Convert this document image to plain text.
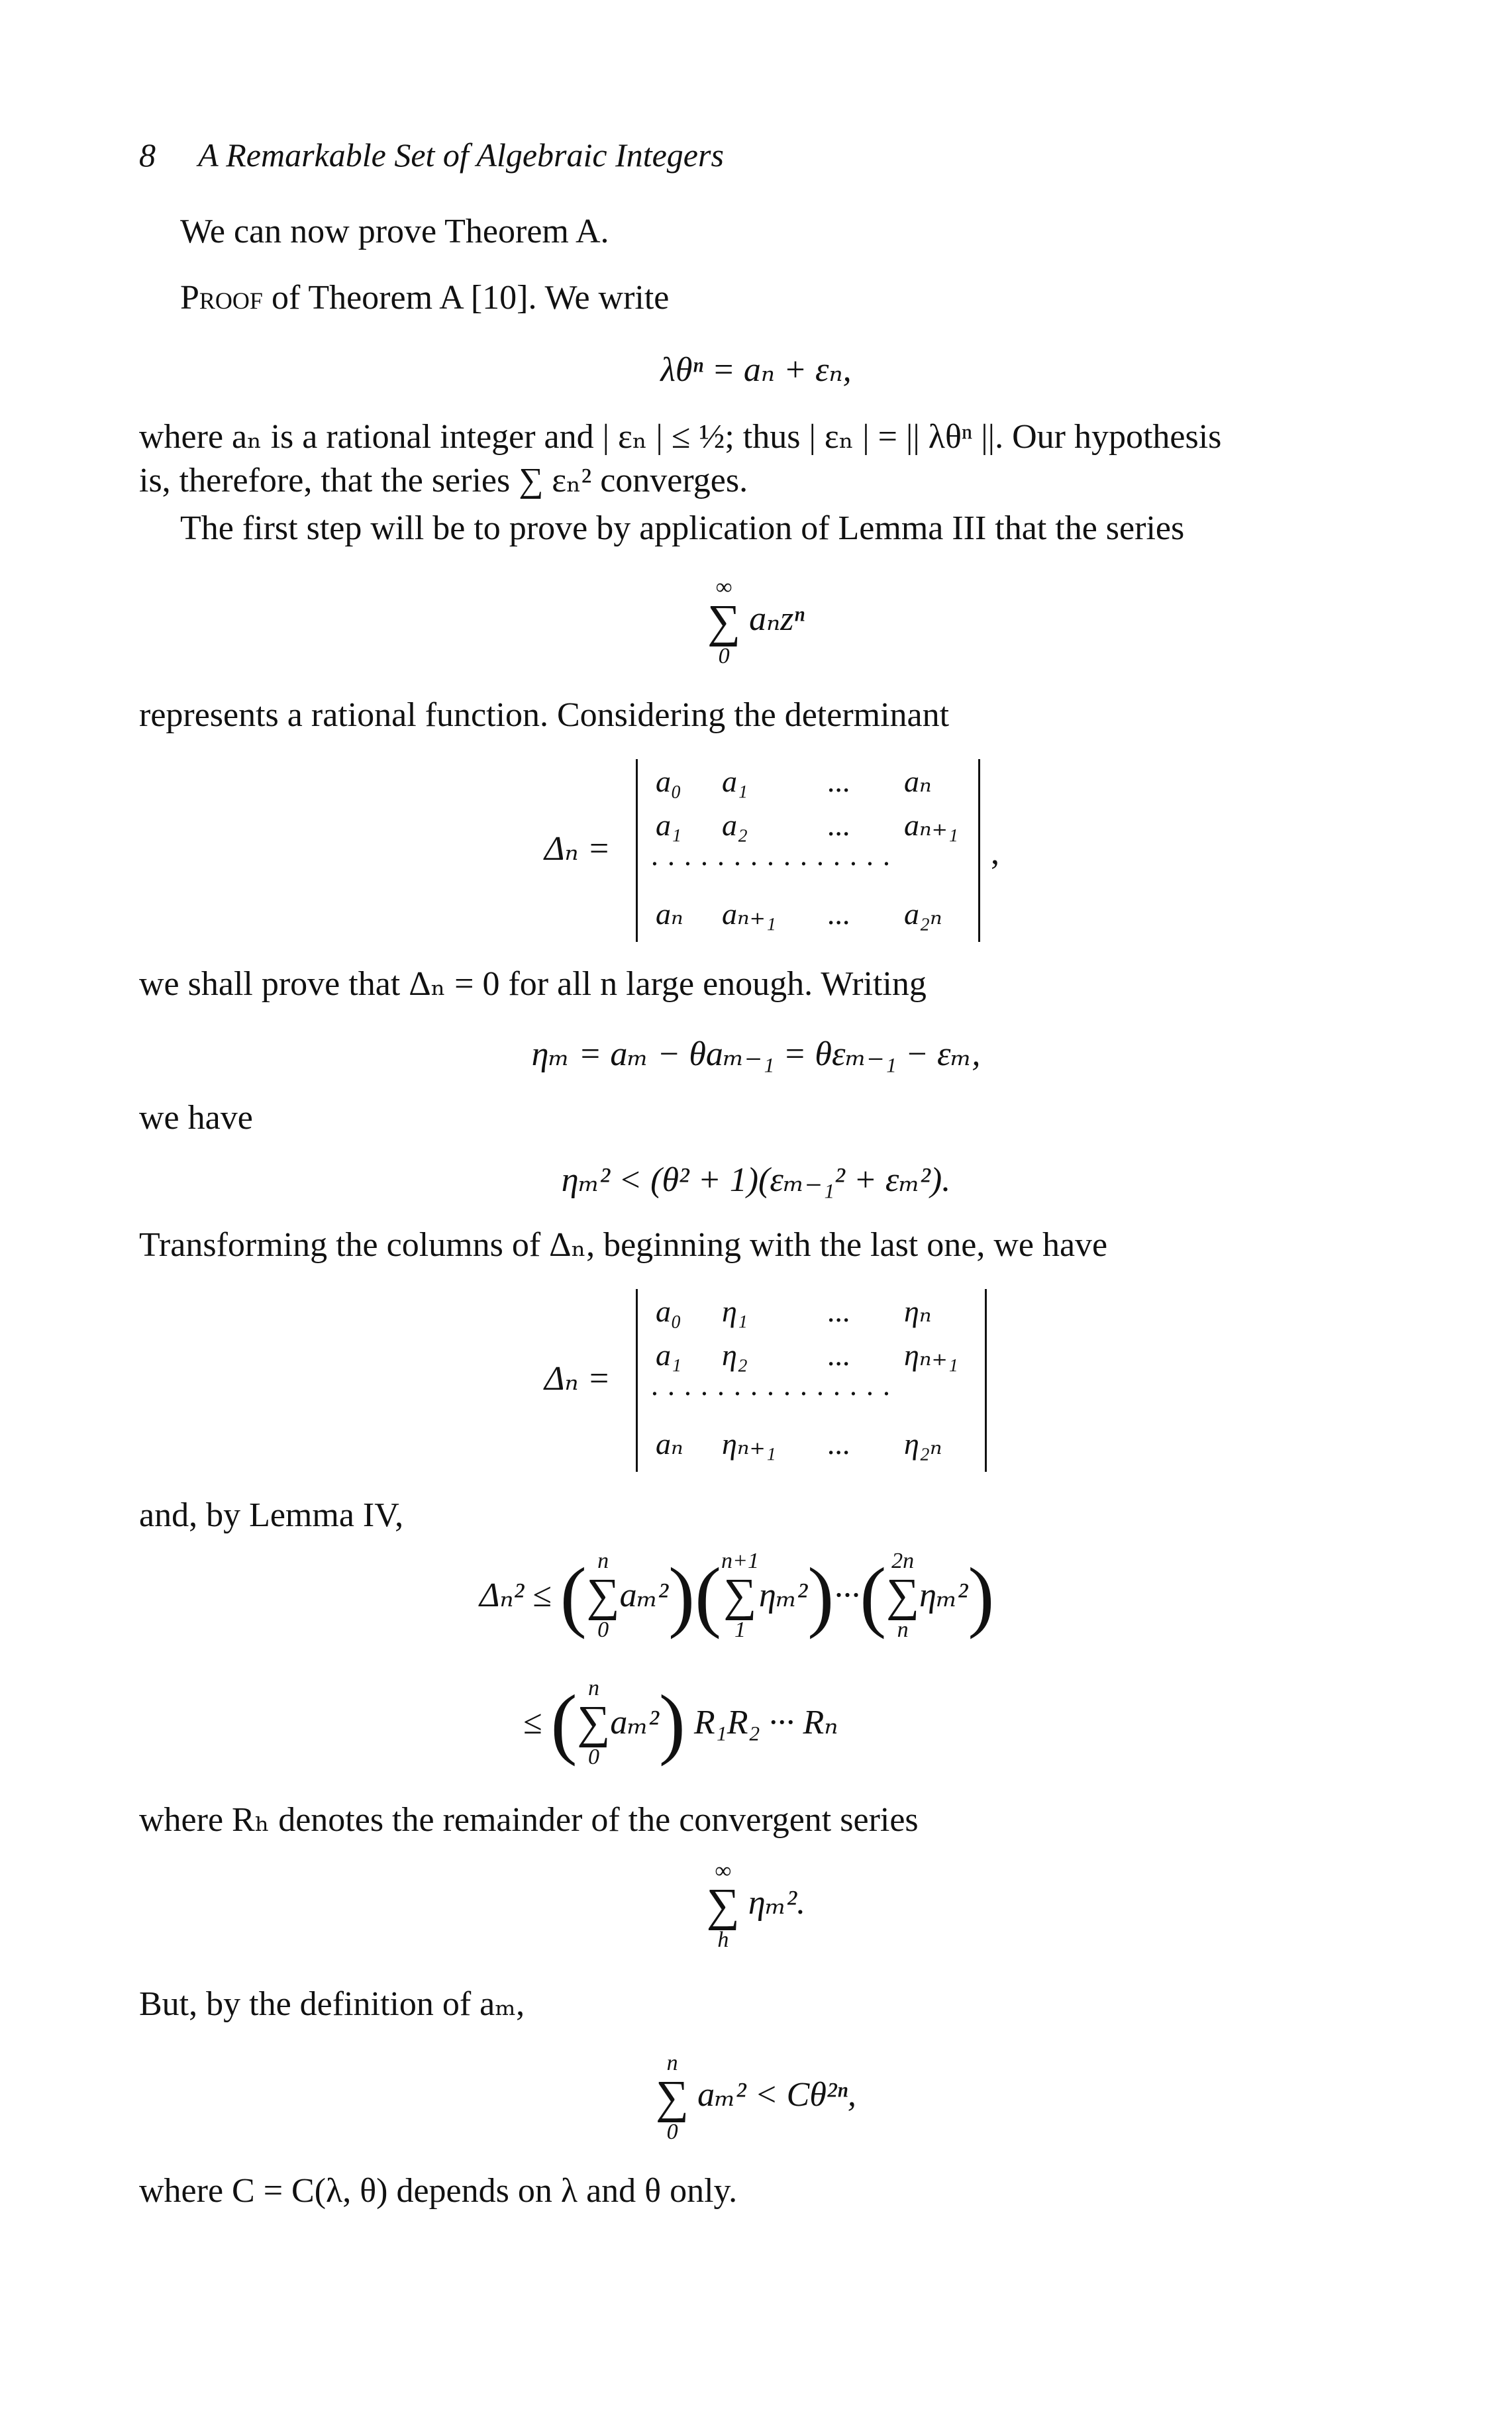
8 A Remarkable Set of Algebraic Integers
We can now prove Theorem A.
Proof of Theorem A [10]. We write
λθⁿ = aₙ + εₙ,
where aₙ is a rational integer and | εₙ | ≤ ½; thus | εₙ | = || λθⁿ ||. Our hypothesis
is, therefore, that the series ∑ εₙ² converges.
The first step will be to prove by application of Lemma III that the series
∞
∑
0
aₙzⁿ
represents a rational function. Considering the determinant
Δₙ =
a₀ a₁	... aₙ
a₁ a₂	... aₙ₊₁
...............
aₙ aₙ₊₁ ... a₂ₙ
,
we shall prove that Δₙ = 0 for all n large enough. Writing
ηₘ = aₘ − θaₘ₋₁ = θεₘ₋₁ − εₘ,
we have
ηₘ² < (θ² + 1)(εₘ₋₁² + εₘ²).
Transforming the columns of Δₙ, beginning with the last one, we have
Δₙ =
a₀ η₁	... ηₙ
a₁ η₂	... ηₙ₊₁
...............
aₙ ηₙ₊₁ ... η₂ₙ
and, by Lemma IV,
Δₙ² ≤ ( n
∑
0
aₘ²)( n+1
∑
1
ηₘ²)···( 2n
∑
n
ηₘ²)
≤ ( n
∑
0
aₘ²) R₁R₂ ··· Rₙ
where Rₕ denotes the remainder of the convergent series
∞
∑
h
ηₘ².
But, by the definition of aₘ,
n
∑
0
aₘ² < Cθ²ⁿ,
where C = C(λ, θ) depends on λ and θ only.
